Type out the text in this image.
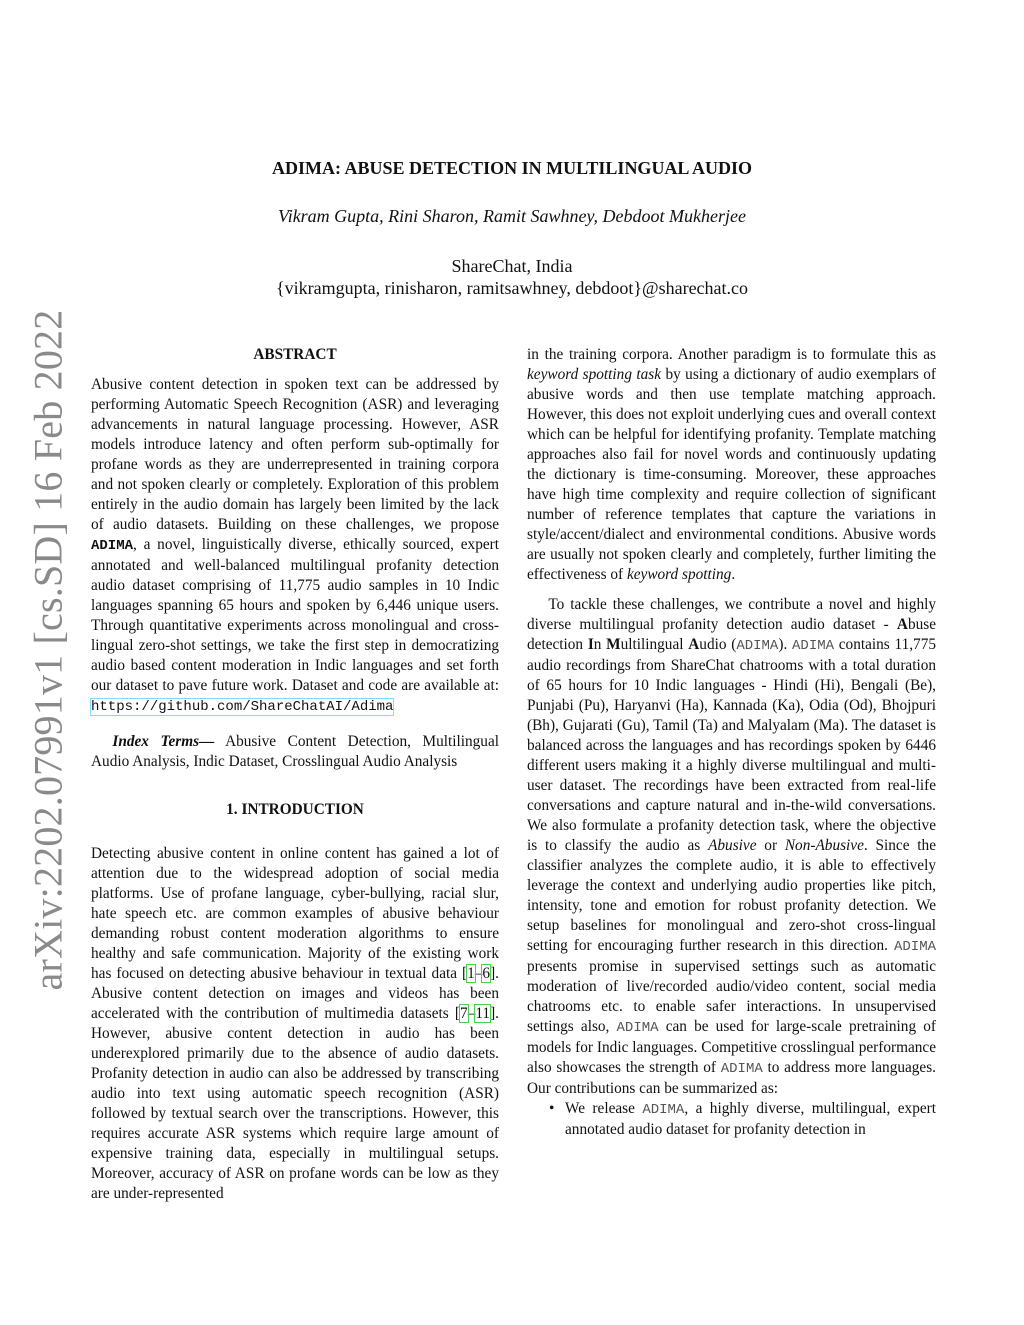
arXiv:2202.07991v1 [cs.SD] 16 Feb 2022
ADIMA: ABUSE DETECTION IN MULTILINGUAL AUDIO
Vikram Gupta, Rini Sharon, Ramit Sawhney, Debdoot Mukherjee
ShareChat, India
{vikramgupta, rinisharon, ramitsawhney, debdoot}@sharechat.co
ABSTRACT

Abusive content detection in spoken text can be addressed by performing Automatic Speech Recognition (ASR) and leveraging advancements in natural language processing. However, ASR models introduce latency and often perform sub-optimally for profane words as they are underrepresented in training corpora and not spoken clearly or completely. Exploration of this problem entirely in the audio domain has largely been limited by the lack of audio datasets. Building on these challenges, we propose ADIMA, a novel, linguistically diverse, ethically sourced, expert annotated and well-balanced multilingual profanity detection audio dataset comprising of 11,775 audio samples in 10 Indic languages spanning 65 hours and spoken by 6,446 unique users. Through quantitative experiments across monolingual and cross-lingual zero-shot settings, we take the first step in democratizing audio based content moderation in Indic languages and set forth our dataset to pave future work. Dataset and code are available at: https://github.com/ShareChatAI/Adima

Index Terms— Abusive Content Detection, Multilingual Audio Analysis, Indic Dataset, Crosslingual Audio Analysis

1. INTRODUCTION

Detecting abusive content in online content has gained a lot of attention due to the widespread adoption of social media platforms. Use of profane language, cyber-bullying, racial slur, hate speech etc. are common examples of abusive behaviour demanding robust content moderation algorithms to ensure healthy and safe communication. Majority of the existing work has focused on detecting abusive behaviour in textual data [1–6]. Abusive content detection on images and videos has been accelerated with the contribution of multimedia datasets [7–11]. However, abusive content detection in audio has been underexplored primarily due to the absence of audio datasets. Profanity detection in audio can also be addressed by transcribing audio into text using automatic speech recognition (ASR) followed by textual search over the transcriptions. However, this requires accurate ASR systems which require large amount of expensive training data, especially in multilingual setups. Moreover, accuracy of ASR on profane words can be low as they are under-represented

in the training corpora. Another paradigm is to formulate this as keyword spotting task by using a dictionary of audio exemplars of abusive words and then use template matching approach. However, this does not exploit underlying cues and overall context which can be helpful for identifying profanity. Template matching approaches also fail for novel words and continuously updating the dictionary is time-consuming. Moreover, these approaches have high time complexity and require collection of significant number of reference templates that capture the variations in style/accent/dialect and environmental conditions. Abusive words are usually not spoken clearly and completely, further limiting the effectiveness of keyword spotting.

To tackle these challenges, we contribute a novel and highly diverse multilingual profanity detection audio dataset - Abuse detection In Multilingual Audio (ADIMA). ADIMA contains 11,775 audio recordings from ShareChat chatrooms with a total duration of 65 hours for 10 Indic languages - Hindi (Hi), Bengali (Be), Punjabi (Pu), Haryanvi (Ha), Kannada (Ka), Odia (Od), Bhojpuri (Bh), Gujarati (Gu), Tamil (Ta) and Malyalam (Ma). The dataset is balanced across the languages and has recordings spoken by 6446 different users making it a highly diverse multilingual and multi-user dataset. The recordings have been extracted from real-life conversations and capture natural and in-the-wild conversations. We also formulate a profanity detection task, where the objective is to classify the audio as Abusive or Non-Abusive. Since the classifier analyzes the complete audio, it is able to effectively leverage the context and underlying audio properties like pitch, intensity, tone and emotion for robust profanity detection. We setup baselines for monolingual and zero-shot cross-lingual setting for encouraging further research in this direction. ADIMA presents promise in supervised settings such as automatic moderation of live/recorded audio/video content, social media chatrooms etc. to enable safer interactions. In unsupervised settings also, ADIMA can be used for large-scale pretraining of models for Indic languages. Competitive crosslingual performance also showcases the strength of ADIMA to address more languages. Our contributions can be summarized as:

• We release ADIMA, a highly diverse, multilingual, expert annotated audio dataset for profanity detection in
